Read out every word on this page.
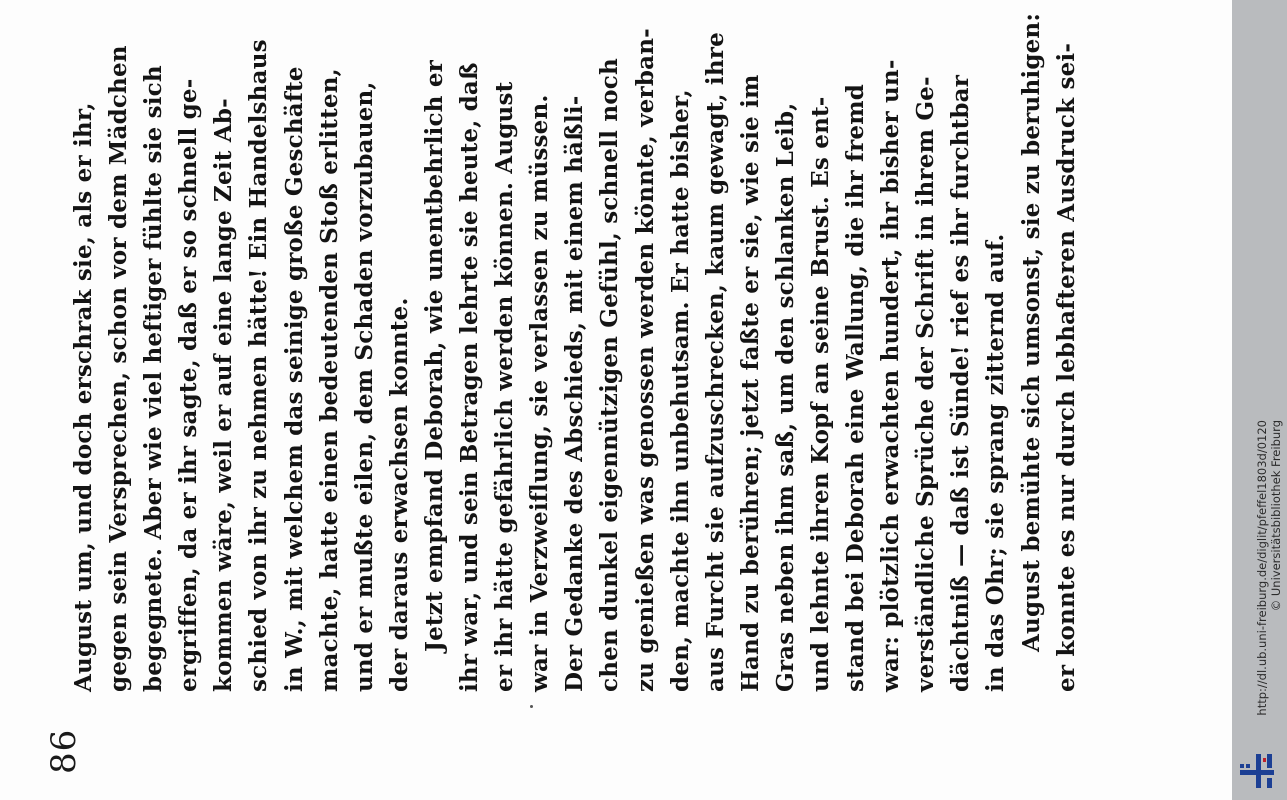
86
August um, und doch erschrak sie, als er ihr, gegen sein Versprechen, schon vor dem Mädchen begegnete. Aber wie viel heftiger fühlte sie sich ergriffen, da er ihr sagte, daß er so schnell ge- kommen wäre, weil er auf eine lange Zeit Ab- schied von ihr zu nehmen hätte! Ein Handelshaus in W., mit welchem das seinige große Geschäfte machte, hatte einen bedeutenden Stoß erlitten, und er mußte eilen, dem Schaden vorzubauen, der daraus erwachsen konnte. Jetzt empfand Deborah, wie unentbehrlich er ihr war, und sein Betragen lehrte sie heute, daß er ihr hätte gefährlich werden können. August war in Verzweiflung, sie verlassen zu müssen. Der Gedanke des Abschieds, mit einem häßli- chen dunkel eigennützigen Gefühl, schnell noch zu genießen was genossen werden könnte, verban- den, machte ihn unbehutsam. Er hatte bisher, aus Furcht sie aufzuschrecken, kaum gewagt, ihre Hand zu berühren; jetzt faßte er sie, wie sie im Gras neben ihm saß, um den schlanken Leib, und lehnte ihren Kopf an seine Brust. Es ent- stand bei Deborah eine Wallung, die ihr fremd war: plötzlich erwachten hundert, ihr bisher un- verständliche Sprüche der Schrift in ihrem Ge- dächtniß — daß ist Sünde! rief es ihr furchtbar in das Ohr; sie sprang zitternd auf. August bemühte sich umsonst, sie zu beruhigen: er konnte es nur durch lebhafteren Ausdruck sei-	http://dl.ub.uni-freiburg.de/diglit/pfeffel1803d/0120 © Universitätsbibliothek Freiburg
